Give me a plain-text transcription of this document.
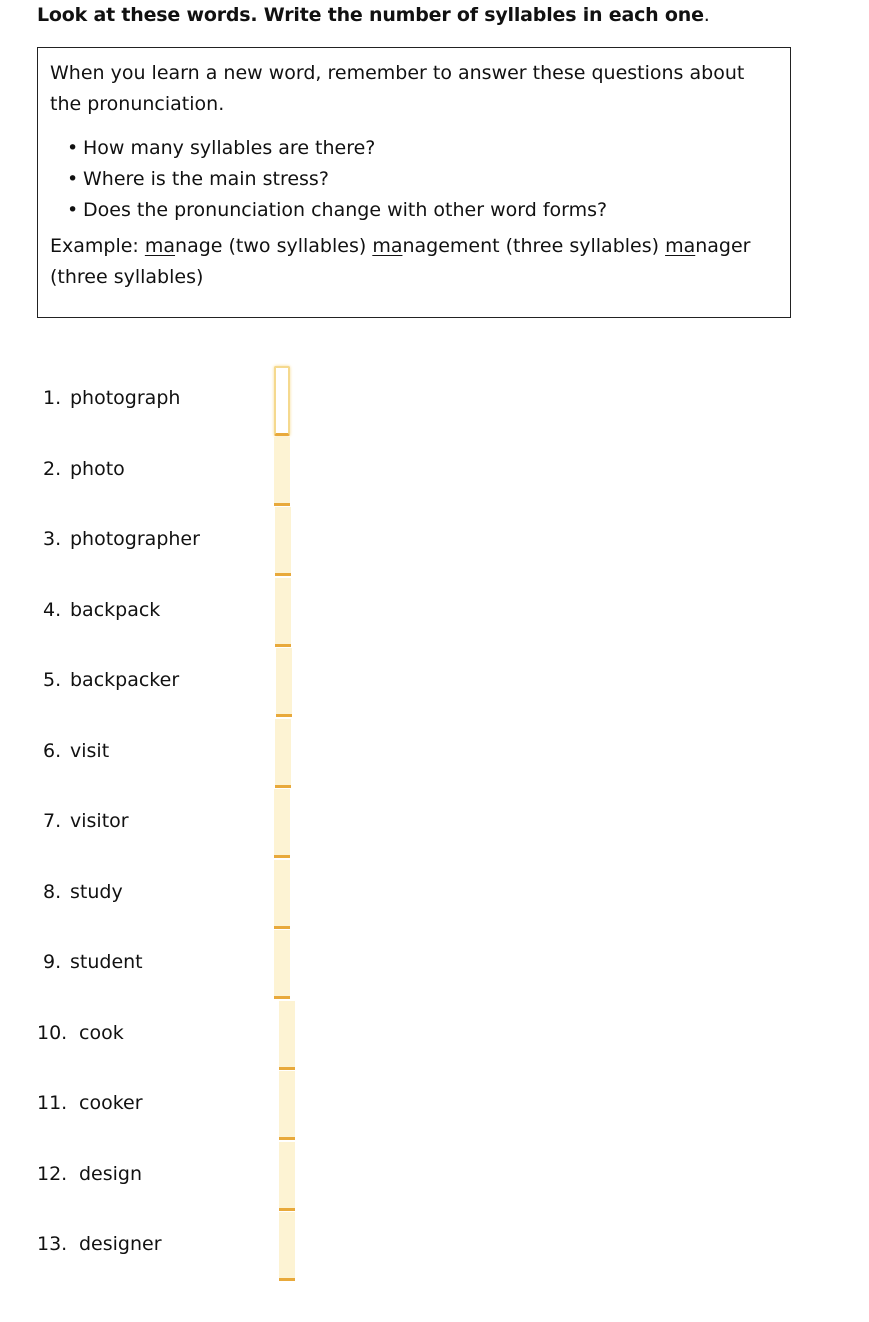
Look at these words. Write the number of syllables in each one.
When you learn a new word, remember to answer these questions about the pronunciation.
• How many syllables are there?
• Where is the main stress?
• Does the pronunciation change with other word forms?
Example: manage (two syllables) management (three syllables) manager (three syllables)
1. photograph
2. photo
3. photographer
4. backpack
5. backpacker
6. visit
7. visitor
8. study
9. student
10. cook
11. cooker
12. design
13. designer
